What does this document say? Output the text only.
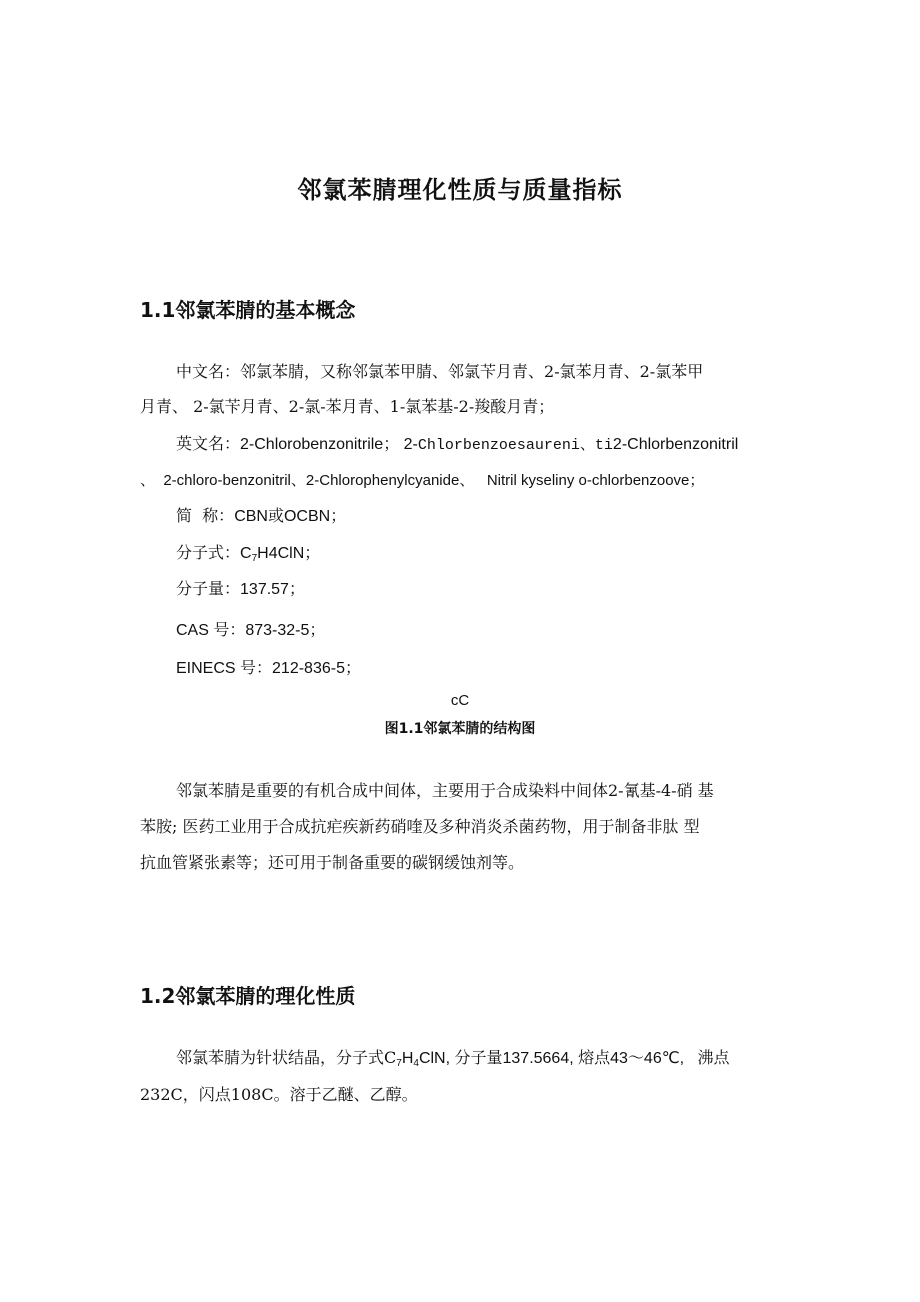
邻氯苯腈理化性质与质量指标
1.1邻氯苯腈的基本概念
中文名：邻氯苯腈，又称邻氯苯甲腈、邻氯苄月青、2-氯苯月青、2-氯苯甲
月青、 2-氯苄月青、2-氯-苯月青、1-氯苯基-2-羧酸月青；
英文名：2-Chlorobenzonitrile； 2-Chlorbenzoesaureni、ti2-Chlorbenzonitril
、  2-chloro-benzonitril、2-Chlorophenylcyanide、   Nitril kyseliny o-chlorbenzoove；
简  称：CBN或OCBN；
分子式：$C_7H4ClN$；
分子量：137.57；
CAS 号：873-32-5；
EINECS 号：212-836-5；
cC
图1.1邻氯苯腈的结构图
邻氯苯腈是重要的有机合成中间体，主要用于合成染料中间体2-氰基-4-硝 基
苯胺; 医药工业用于合成抗疟疾新药硝喹及多种消炎杀菌药物，用于制备非肽 型
抗血管紧张素等；还可用于制备重要的碳钢缓蚀剂等。
1.2邻氯苯腈的理化性质
邻氯苯腈为针状结晶，分子式$C_7H_4ClN$, 分子量137.5664, 熔点43〜46℃,   沸点
232C，闪点108C。溶于乙醚、乙醇。
